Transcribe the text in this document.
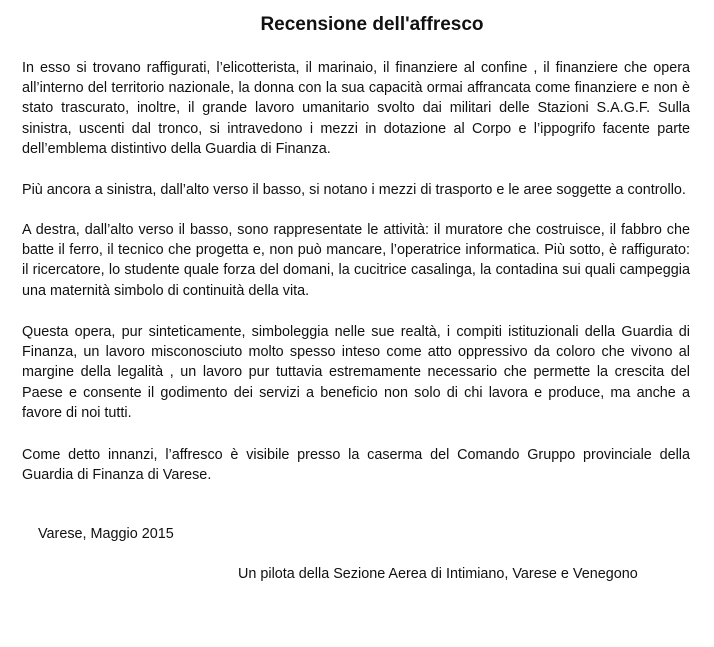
Recensione dell'affresco

In esso si trovano raffigurati, l’elicotterista, il marinaio, il finanziere al confine , il finanziere che opera all’interno del territorio nazionale, la donna con la sua capacità ormai affrancata come finanziere e non è stato trascurato, inoltre, il grande lavoro umanitario svolto dai militari delle Stazioni S.A.G.F. Sulla sinistra, uscenti dal tronco, si intravedono i mezzi in dotazione al Corpo e l’ippogrifo facente parte dell’emblema distintivo della Guardia di Finanza.

Più ancora a sinistra, dall’alto verso il basso, si notano i mezzi di trasporto e le aree soggette a controllo.

A destra, dall’alto verso il basso, sono rappresentate le attività: il muratore che costruisce, il fabbro che batte il ferro, il tecnico che progetta e, non può mancare, l’operatrice informatica. Più sotto, è raffigurato: il ricercatore, lo studente quale forza del domani, la cucitrice casalinga, la contadina sui quali campeggia una maternità simbolo di continuità della vita.

Questa opera, pur sinteticamente, simboleggia nelle sue realtà, i compiti istituzionali della Guardia di Finanza, un lavoro misconosciuto molto spesso inteso come atto oppressivo da coloro che vivono al margine della legalità , un lavoro pur tuttavia estremamente necessario che permette la crescita del Paese e consente il godimento dei servizi a beneficio non solo di chi lavora e produce, ma anche a favore di noi tutti.

Come detto innanzi, l’affresco è visibile presso la caserma del Comando Gruppo provinciale della Guardia di Finanza di Varese.

Varese, Maggio 2015
Un pilota della Sezione Aerea di Intimiano, Varese e Venegono
